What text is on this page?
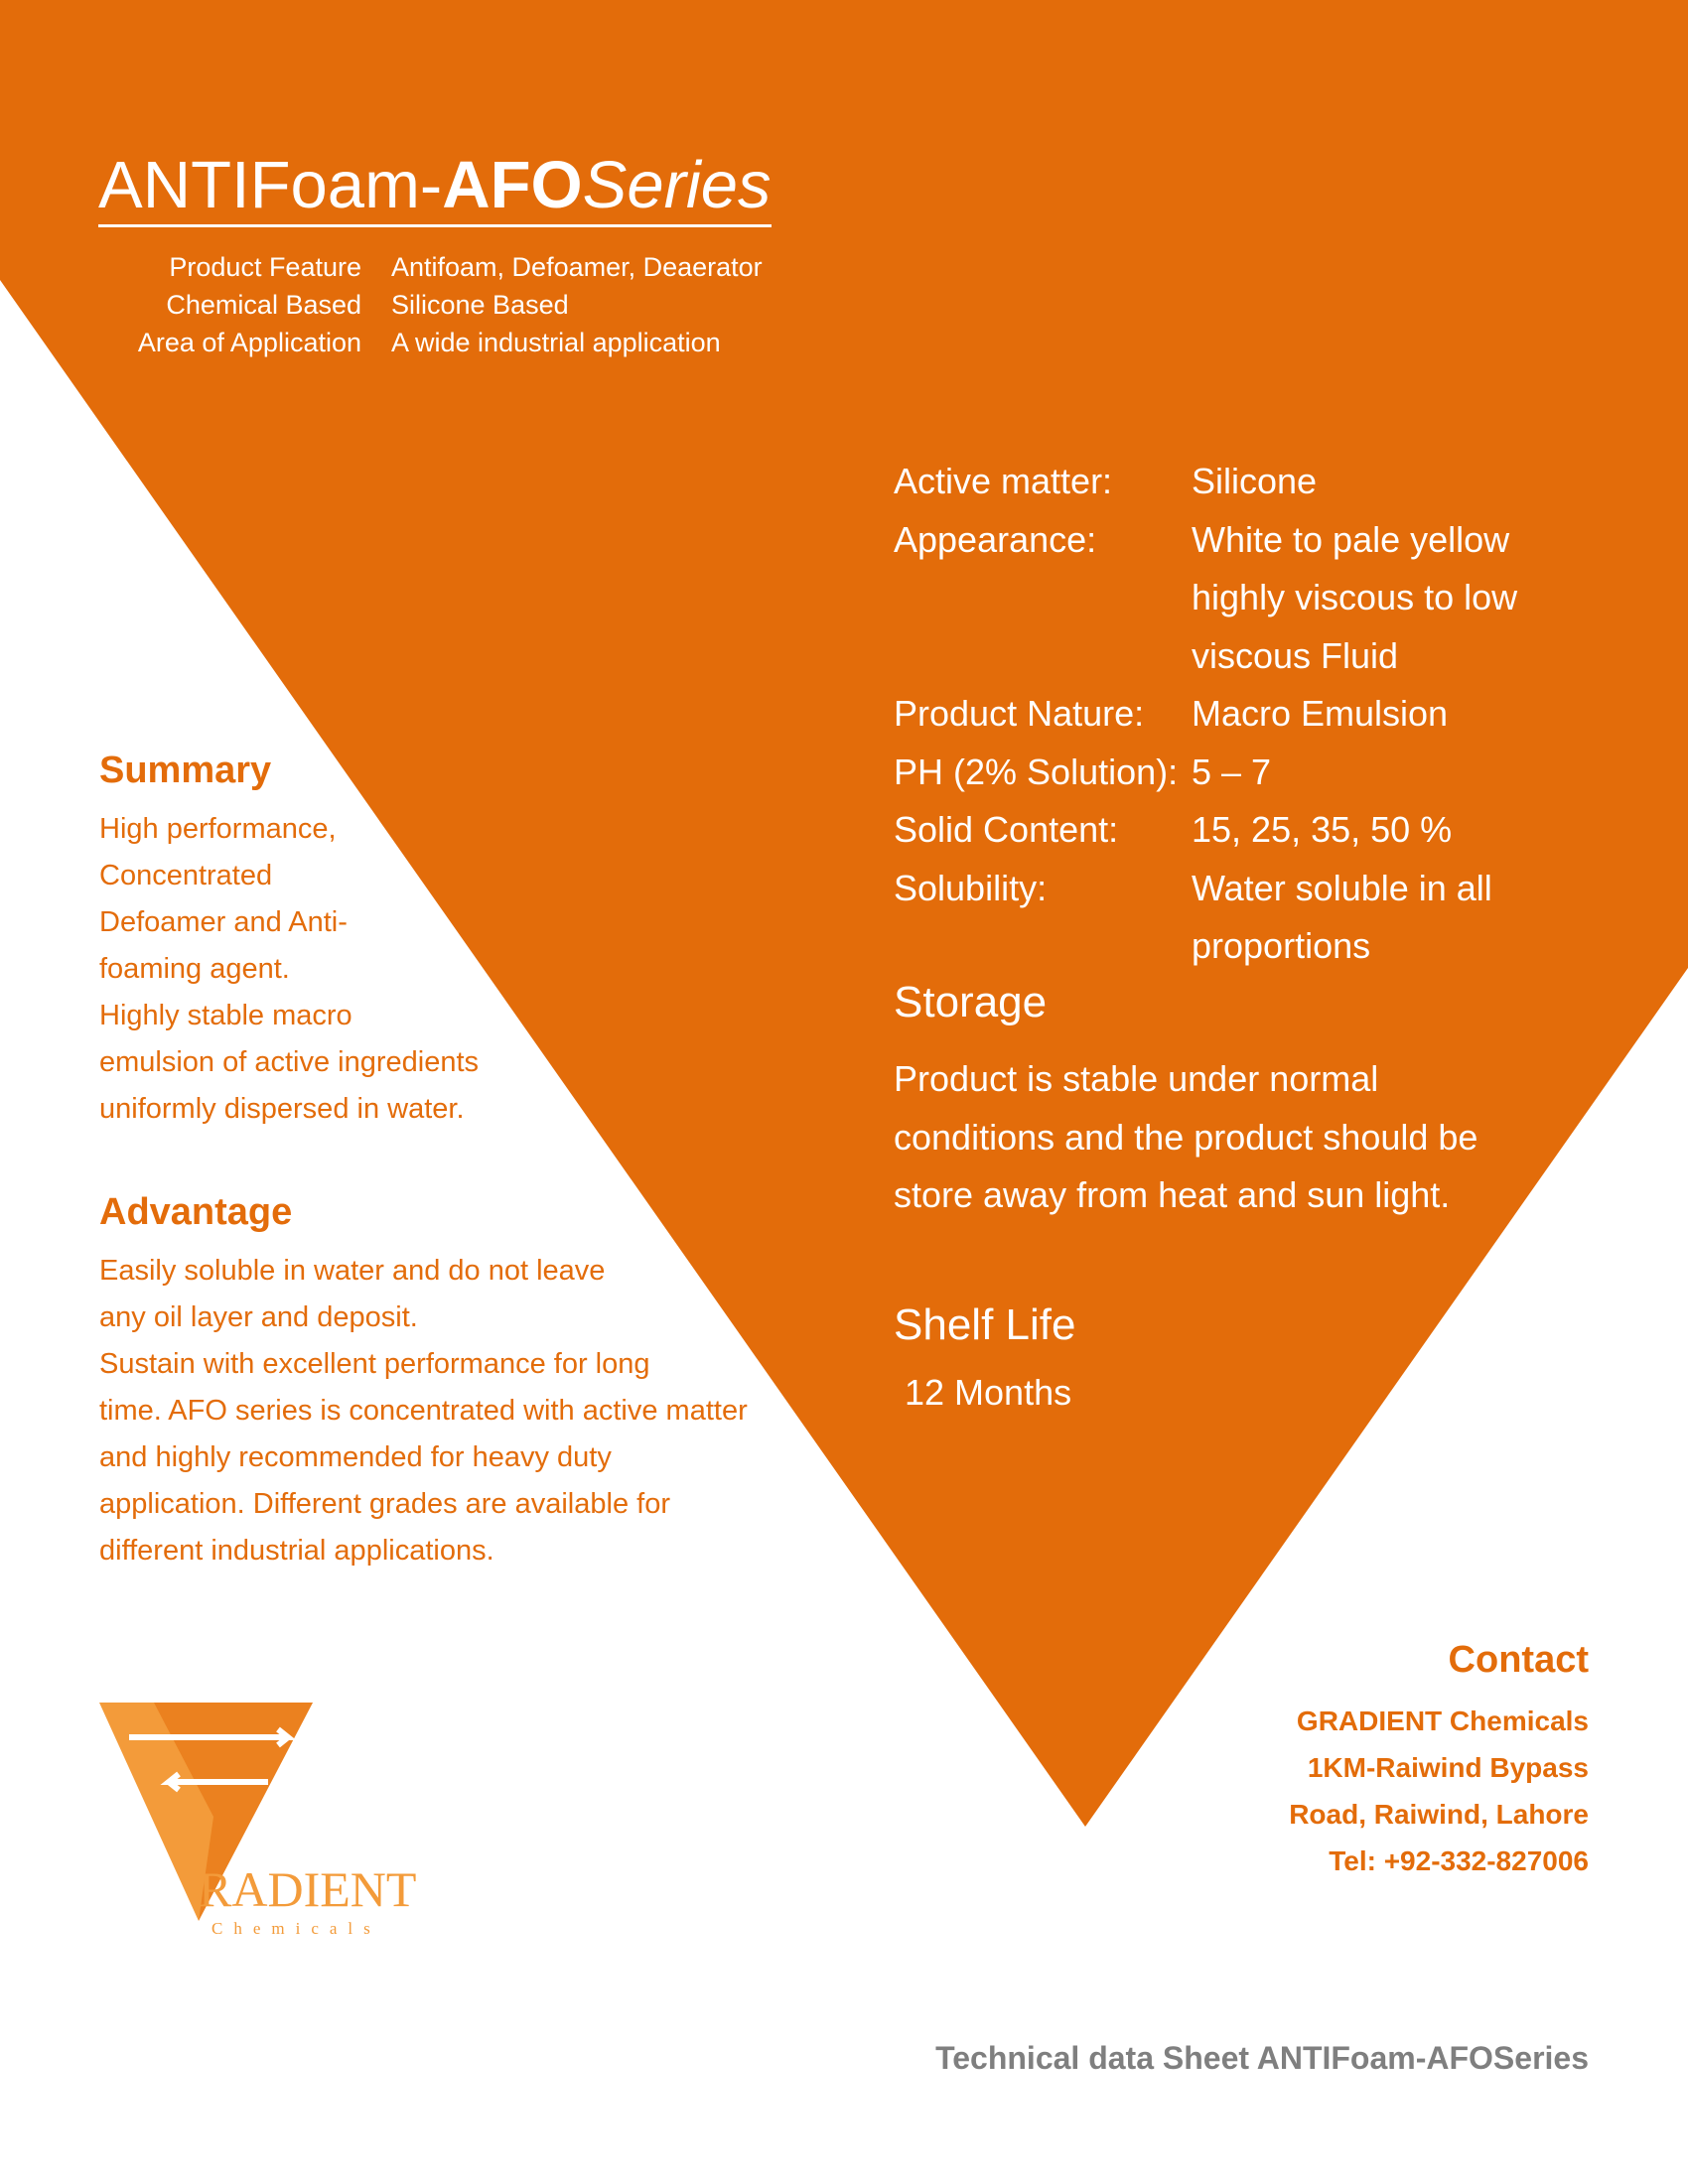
ANTIFoam-AFOSeries
Product Feature	Antifoam, Defoamer, Deaerator
Chemical Based	Silicone Based
Area of Application	A wide industrial application
Active matter:	Silicone
Appearance:	White to pale yellow
highly viscous to low
viscous Fluid
Product Nature:	Macro Emulsion
PH (2% Solution): 5 – 7
Solid Content:	15, 25, 35, 50 %
Solubility:	Water soluble in all
proportions
Storage
Product is stable under normal
conditions and the product should be
store away from heat and sun light.
Shelf Life
12 Months
Summary
High performance,
Concentrated
Defoamer and Anti-
foaming agent.
Highly stable macro
emulsion of active ingredients
uniformly dispersed in water.
Advantage
Easily soluble in water and do not leave
any oil layer and deposit.
Sustain with excellent performance for long
time. AFO series is concentrated with active matter
and highly recommended for heavy duty
application. Different grades are available for
different industrial applications.
Contact
GRADIENT Chemicals
1KM-Raiwind Bypass
Road, Raiwind, Lahore
Tel: +92-332-827006
RADIENT
Chemicals
Technical data Sheet ANTIFoam-AFOSeries
